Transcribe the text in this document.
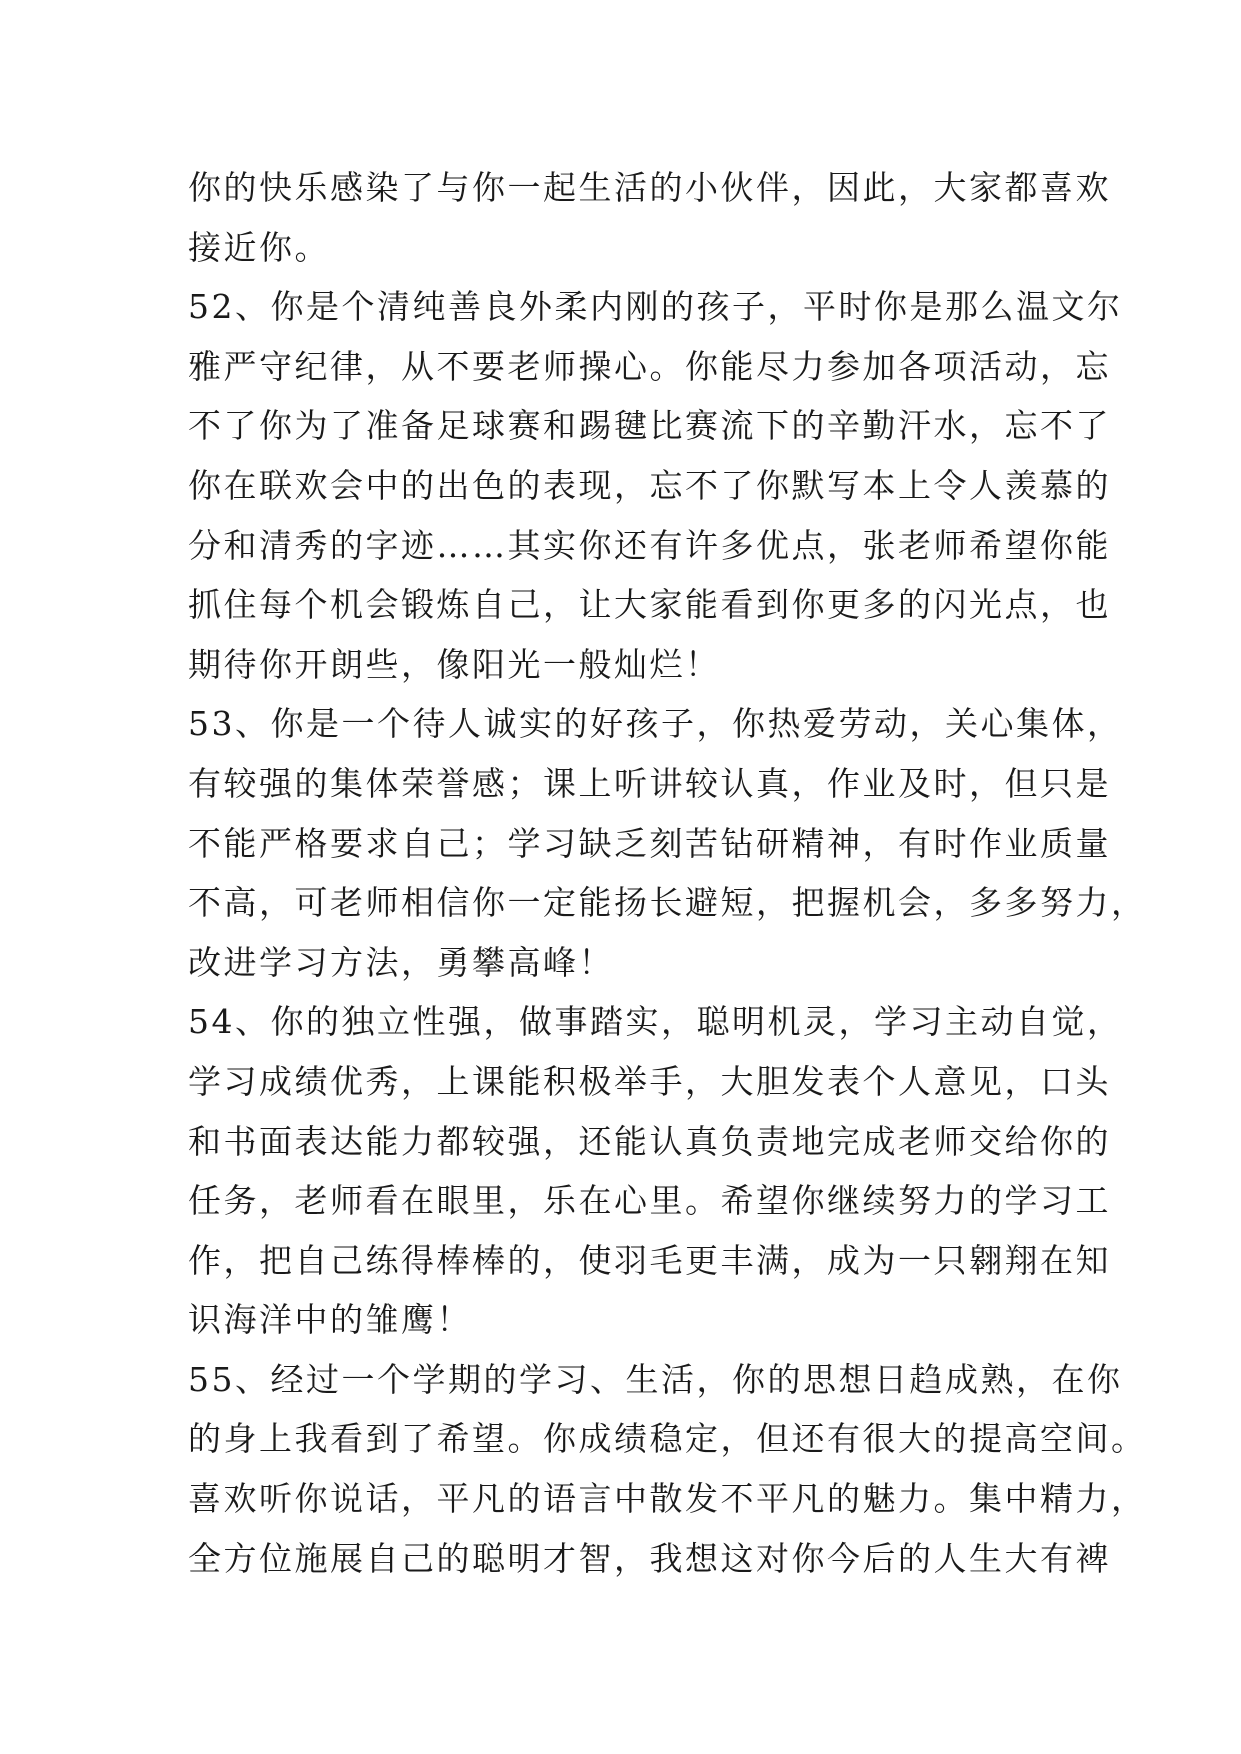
你的快乐感染了与你一起生活的小伙伴，因此，大家都喜欢
接近你。
52、你是个清纯善良外柔内刚的孩子，平时你是那么温文尔
雅严守纪律，从不要老师操心。你能尽力参加各项活动，忘
不了你为了准备足球赛和踢毽比赛流下的辛勤汗水，忘不了
你在联欢会中的出色的表现，忘不了你默写本上令人羡慕的
分和清秀的字迹……其实你还有许多优点，张老师希望你能
抓住每个机会锻炼自己，让大家能看到你更多的闪光点，也
期待你开朗些，像阳光一般灿烂！
53、你是一个待人诚实的好孩子，你热爱劳动，关心集体，
有较强的集体荣誉感；课上听讲较认真，作业及时，但只是
不能严格要求自己；学习缺乏刻苦钻研精神，有时作业质量
不高，可老师相信你一定能扬长避短，把握机会，多多努力，
改进学习方法，勇攀高峰！
54、你的独立性强，做事踏实，聪明机灵，学习主动自觉，
学习成绩优秀，上课能积极举手，大胆发表个人意见，口头
和书面表达能力都较强，还能认真负责地完成老师交给你的
任务，老师看在眼里，乐在心里。希望你继续努力的学习工
作，把自己练得棒棒的，使羽毛更丰满，成为一只翱翔在知
识海洋中的雏鹰！
55、经过一个学期的学习、生活，你的思想日趋成熟，在你
的身上我看到了希望。你成绩稳定，但还有很大的提高空间。
喜欢听你说话，平凡的语言中散发不平凡的魅力。集中精力，
全方位施展自己的聪明才智，我想这对你今后的人生大有裨
